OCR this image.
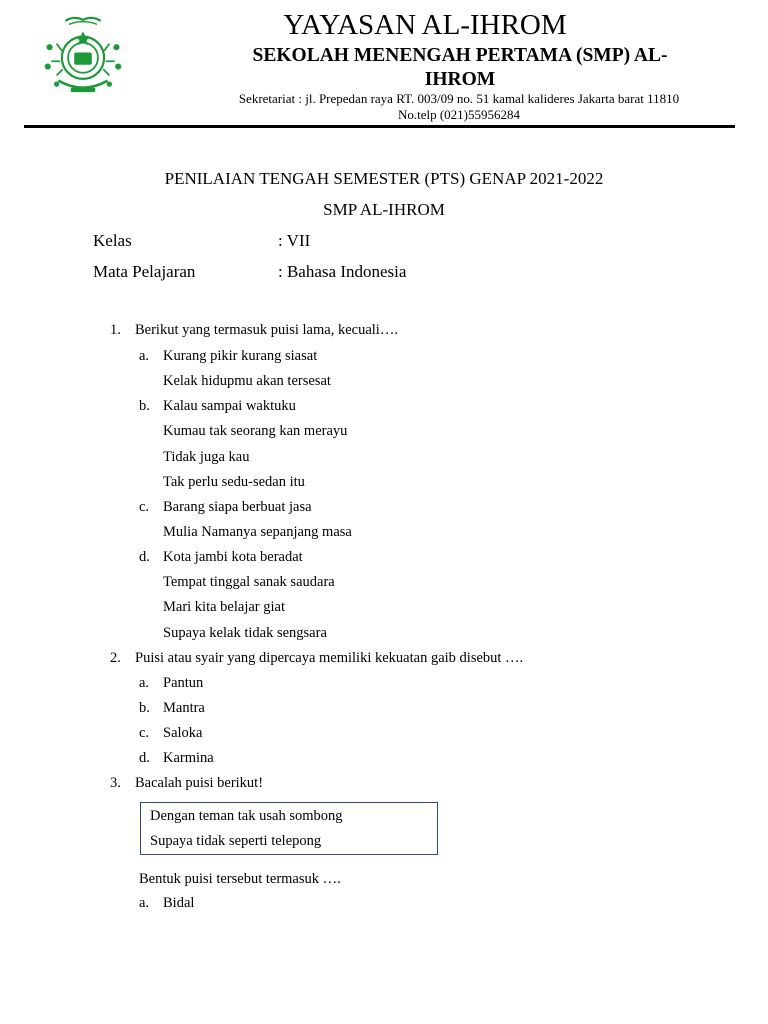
YAYASAN AL-IHROM
SEKOLAH MENENGAH PERTAMA (SMP) AL-IHROM
Sekretariat : jl. Prepedan raya RT. 003/09 no. 51 kamal kalideres Jakarta barat 11810
No.telp (021)55956284
PENILAIAN TENGAH SEMESTER (PTS) GENAP 2021-2022
SMP AL-IHROM
Kelas	: VII
Mata Pelajaran	: Bahasa Indonesia
1. Berikut yang termasuk puisi lama, kecuali….
a. Kurang pikir kurang siasat
Kelak hidupmu akan tersesat
b. Kalau sampai waktuku
Kumau tak seorang kan merayu
Tidak juga kau
Tak perlu sedu-sedan itu
c. Barang siapa berbuat jasa
Mulia Namanya sepanjang masa
d. Kota jambi kota beradat
Tempat tinggal sanak saudara
Mari kita belajar giat
Supaya kelak tidak sengsara
2. Puisi atau syair yang dipercaya memiliki kekuatan gaib disebut ….
a. Pantun
b. Mantra
c. Saloka
d. Karmina
3. Bacalah puisi berikut!
Dengan teman tak usah sombong
Supaya tidak seperti telepong
Bentuk puisi tersebut termasuk ….
a. Bidal
